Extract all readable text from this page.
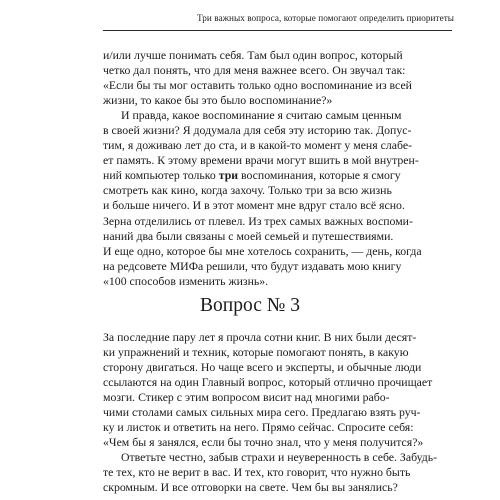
Три важных вопроса, которые помогают определить приоритеты
и/или лучше понимать себя. Там был один вопрос, который
четко дал понять, что для меня важнее всего. Он звучал так:
«Если бы ты мог оставить только одно воспоминание из всей
жизни, то какое бы это было воспоминание?»
И правда, какое воспоминание я считаю самым ценным
в своей жизни? Я додумала для себя эту историю так. Допус-
тим, я доживаю лет до ста, и в какой-то момент у меня слабе-
ет память. К этому времени врачи могут вшить в мой внутрен-
ний компьютер только три воспоминания, которые я смогу
смотреть как кино, когда захочу. Только три за всю жизнь
и больше ничего. И в этот момент мне вдруг стало всё ясно.
Зерна отделились от плевел. Из трех самых важных воспоми-
наний два были связаны с моей семьей и путешествиями.
И еще одно, которое бы мне хотелось сохранить, — день, когда
на редсовете МИФа решили, что будут издавать мою книгу
«100 способов изменить жизнь».
Вопрос № 3
За последние пару лет я прочла сотни книг. В них были десят-
ки упражнений и техник, которые помогают понять, в какую
сторону двигаться. Но чаще всего и эксперты, и обычные люди
ссылаются на один Главный вопрос, который отлично прочищает
мозги. Стикер с этим вопросом висит над многими рабо-
чими столами самых сильных мира сего. Предлагаю взять руч-
ку и листок и ответить на него. Прямо сейчас. Спросите себя:
«Чем бы я занялся, если бы точно знал, что у меня получится?»
Ответьте честно, забыв страхи и неуверенность в себе. Забудь-
те тех, кто не верит в вас. И тех, кто говорит, что нужно быть
скромным. И все отговорки на свете. Чем бы вы занялись?
